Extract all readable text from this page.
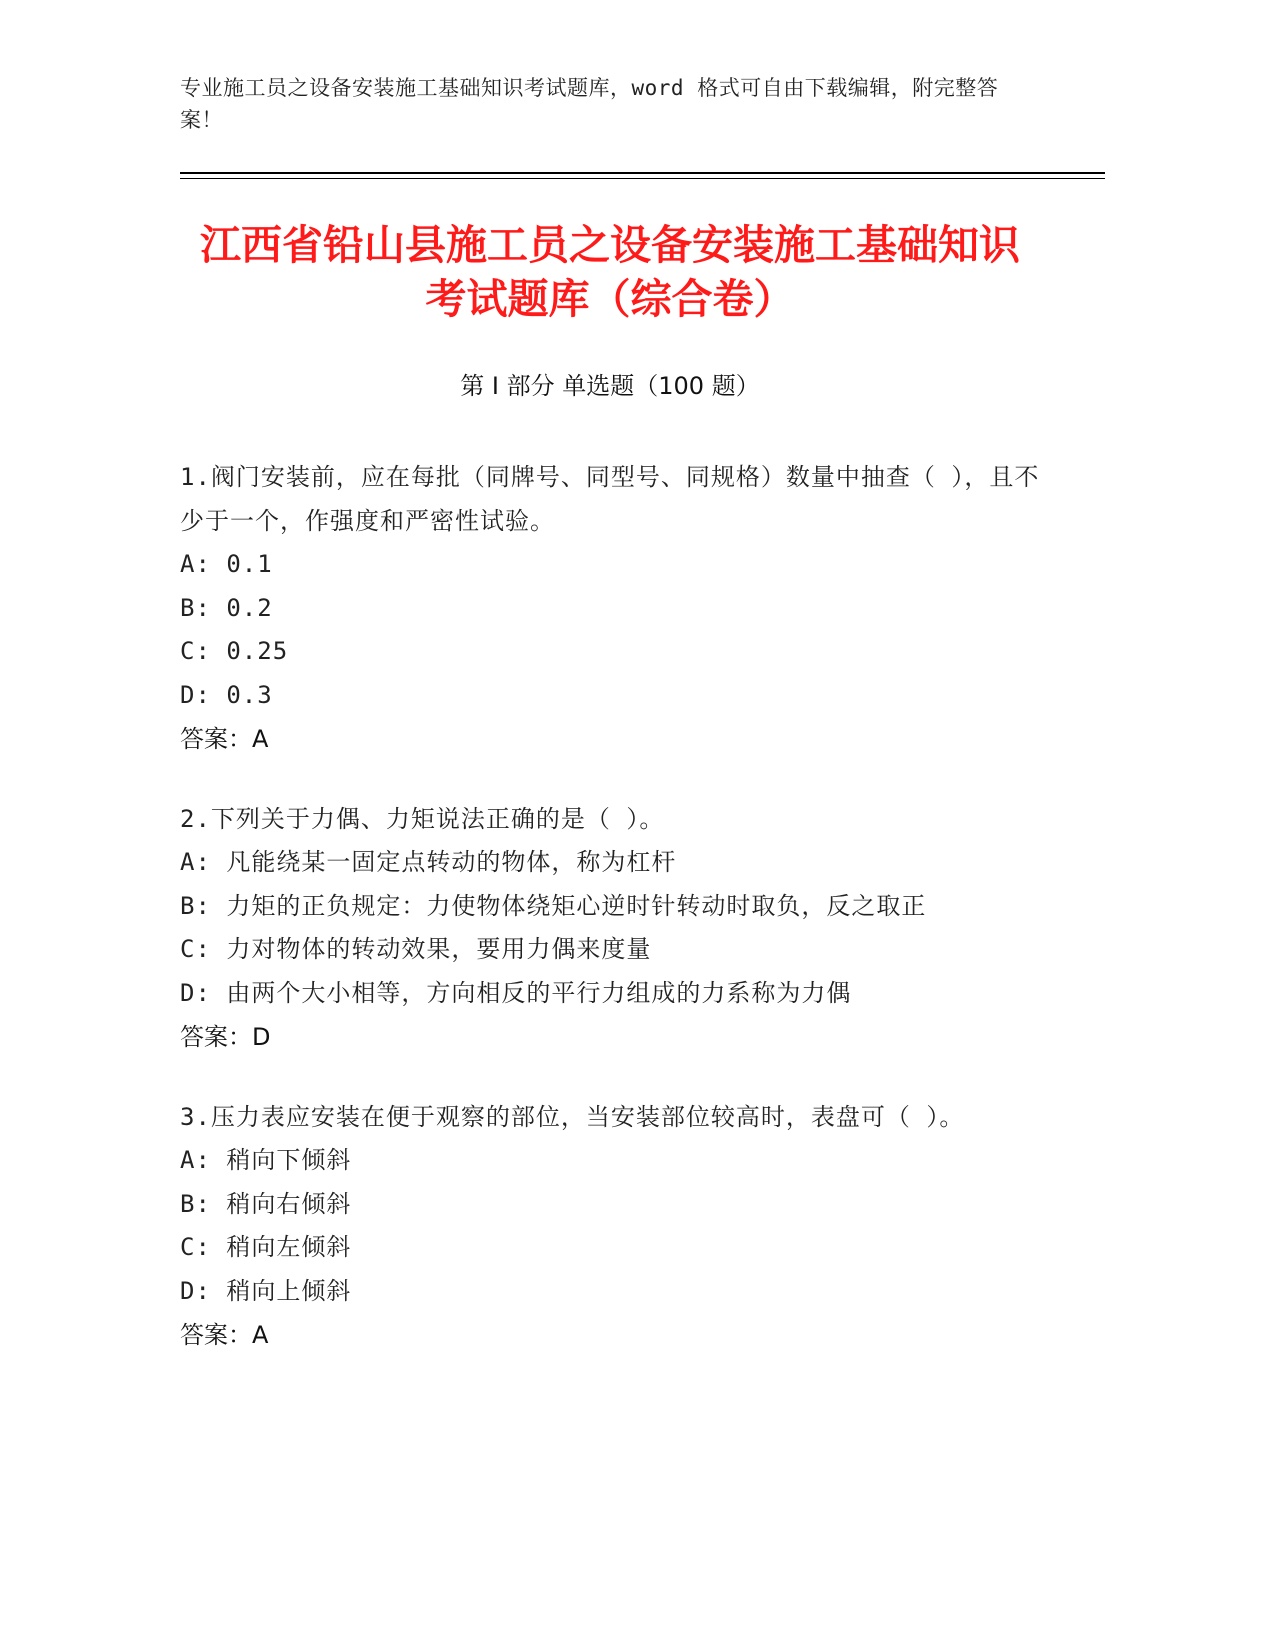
专业施工员之设备安装施工基础知识考试题库，word 格式可自由下载编辑，附完整答案！
江西省铅山县施工员之设备安装施工基础知识考试题库（综合卷）
第 I 部分 单选题（100 题）
1.阀门安装前，应在每批（同牌号、同型号、同规格）数量中抽查（ ），且不少于一个，作强度和严密性试验。
A: 0.1
B: 0.2
C: 0.25
D: 0.3
答案：A
2.下列关于力偶、力矩说法正确的是（ ）。
A: 凡能绕某一固定点转动的物体，称为杠杆
B: 力矩的正负规定：力使物体绕矩心逆时针转动时取负，反之取正
C: 力对物体的转动效果，要用力偶来度量
D: 由两个大小相等，方向相反的平行力组成的力系称为力偶
答案：D
3.压力表应安装在便于观察的部位，当安装部位较高时，表盘可（ ）。
A: 稍向下倾斜
B: 稍向右倾斜
C: 稍向左倾斜
D: 稍向上倾斜
答案：A
